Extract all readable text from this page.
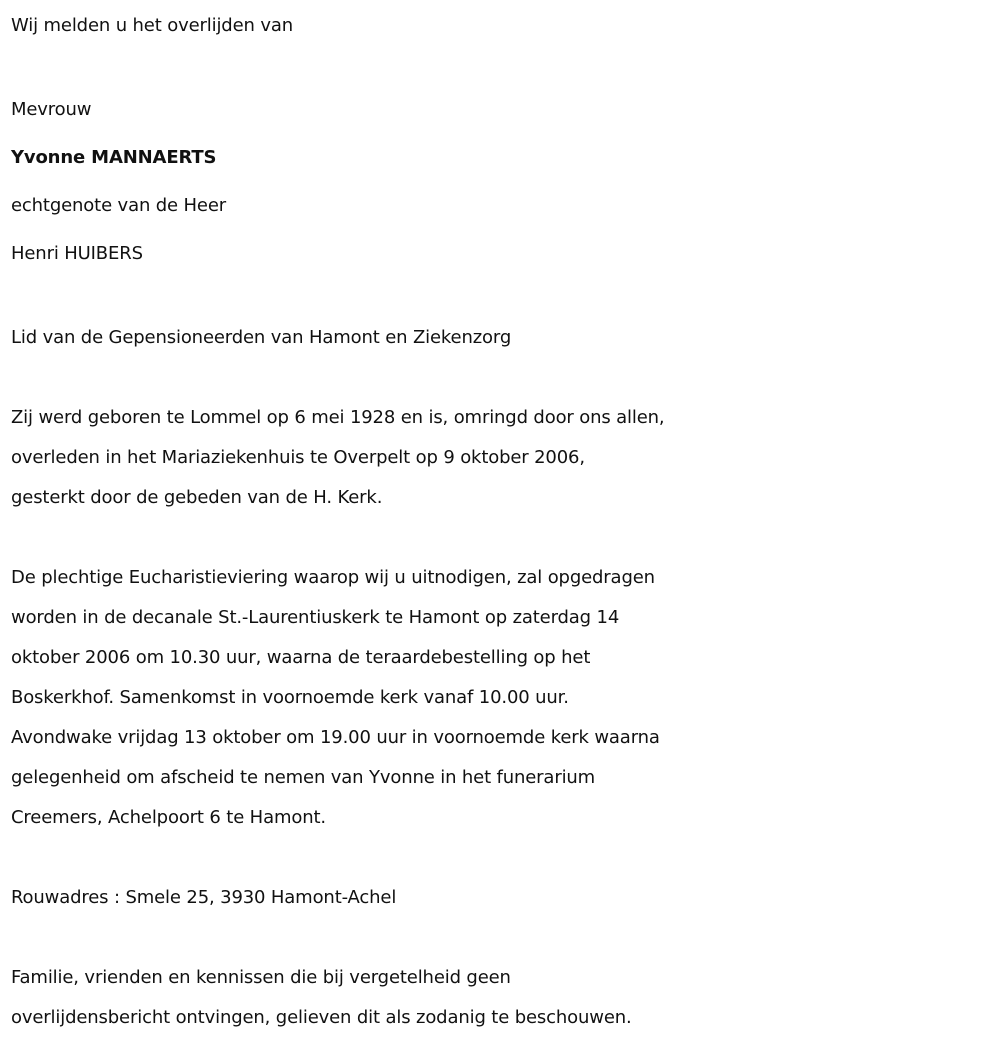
Wij melden u het overlijden van
Mevrouw
Yvonne MANNAERTS
echtgenote van de Heer
Henri HUIBERS
Lid van de Gepensioneerden van Hamont en Ziekenzorg
Zij werd geboren te Lommel op 6 mei 1928 en is, omringd door ons allen,
overleden in het Mariaziekenhuis te Overpelt op 9 oktober 2006,
gesterkt door de gebeden van de H. Kerk.
De plechtige Eucharistieviering waarop wij u uitnodigen, zal opgedragen
worden in de decanale St.-Laurentiuskerk te Hamont op zaterdag 14
oktober 2006 om 10.30 uur, waarna de teraardebestelling op het
Boskerkhof. Samenkomst in voornoemde kerk vanaf 10.00 uur.
Avondwake vrijdag 13 oktober om 19.00 uur in voornoemde kerk waarna
gelegenheid om afscheid te nemen van Yvonne in het funerarium
Creemers, Achelpoort 6 te Hamont.
Rouwadres : Smele 25, 3930 Hamont-Achel
Familie, vrienden en kennissen die bij vergetelheid geen
overlijdensbericht ontvingen, gelieven dit als zodanig te beschouwen.
